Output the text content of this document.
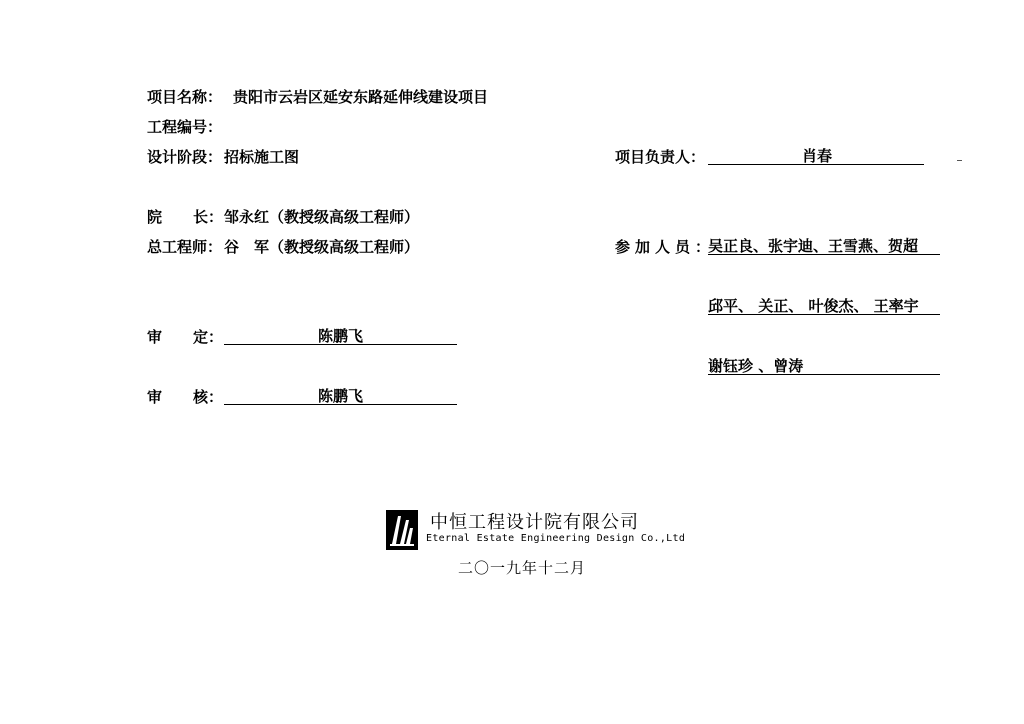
项目名称： 贵阳市云岩区延安东路延伸线建设项目
工程编号：
设计阶段： 招标施工图	项目负责人：	肖春
院 长： 邹永红（教授级高级工程师）
总工程师： 谷　军（教授级高级工程师）	参加人员：
吴正良、张宇迪、王雪燕、贺超
邱平、 关正、 叶俊杰、 王率宇
谢钰珍 、曾涛
审 定：	陈鹏飞
审 核：	陈鹏飞
中恒工程设计院有限公司
Eternal Estate Engineering Design Co.,Ltd
二〇一九年十二月
